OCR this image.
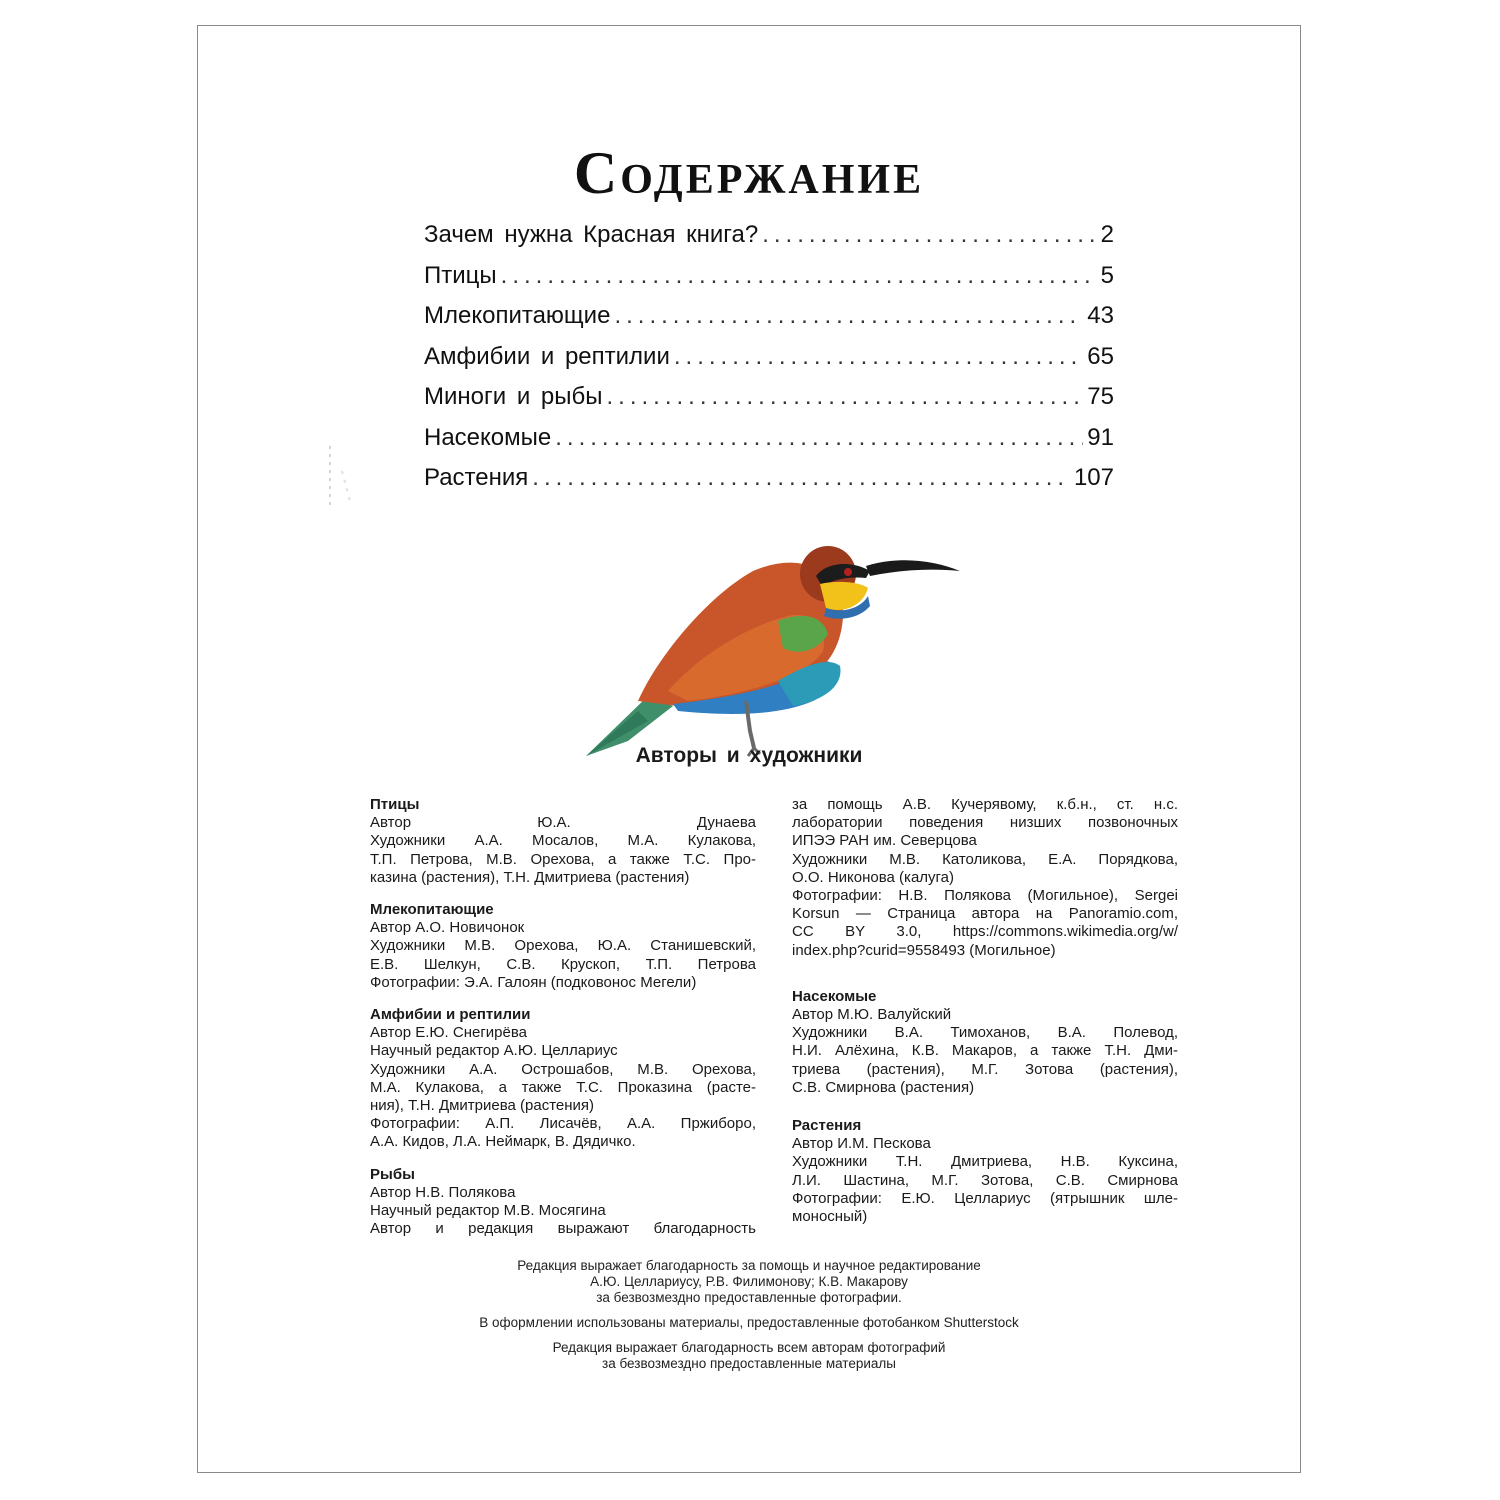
Содержание
Зачем нужна Красная книга? .....	2
Птицы .....	5
Млекопитающие .....	43
Амфибии и рептилии .....	65
Миноги и рыбы .....	75
Насекомые .....	91
Растения .....	107
Авторы и художники
Птицы
Автор Ю.А. Дунаева
Художники А.А. Мосалов, М.А. Кулакова,
Т.П. Петрова, М.В. Орехова, а также Т.С. Про-
казина (растения), Т.Н. Дмитриева (растения)
Млекопитающие
Автор А.О. Новичонок
Художники М.В. Орехова, Ю.А. Станишевский,
Е.В. Шелкун, С.В. Крускоп, Т.П. Петрова
Фотографии: Э.А. Галоян (подковонос Мегели)
Амфибии и рептилии
Автор Е.Ю. Снегирёва
Научный редактор А.Ю. Целлариус
Художники А.А. Острошабов, М.В. Орехова,
М.А. Кулакова, а также Т.С. Проказина (расте-
ния), Т.Н. Дмитриева (растения)
Фотографии: А.П. Лисачёв, А.А. Пржиборо,
А.А. Кидов, Л.А. Неймарк, В. Дядичко.
Рыбы
Автор Н.В. Полякова
Научный редактор М.В. Мосягина
Автор и редакция выражают благодарность
за помощь А.В. Кучерявому, к.б.н., ст. н.с.
лаборатории поведения низших позвоночных
ИПЭЭ РАН им. Северцова
Художники М.В. Католикова, Е.А. Порядкова,
О.О. Никонова (калуга)
Фотографии: Н.В. Полякова (Могильное), Sergei
Korsun — Страница автора на Panoramio.com,
CC BY 3.0, https://commons.wikimedia.org/w/
index.php?curid=9558493 (Могильное)
Насекомые
Автор М.Ю. Валуйский
Художники В.А. Тимоханов, В.А. Полевод,
Н.И. Алёхина, К.В. Макаров, а также Т.Н. Дми-
триева (растения), М.Г. Зотова (растения),
С.В. Смирнова (растения)
Растения
Автор И.М. Пескова
Художники Т.Н. Дмитриева, Н.В. Куксина,
Л.И. Шастина, М.Г. Зотова, С.В. Смирнова
Фотографии: Е.Ю. Целлариус (ятрышник шле-
моносный)

Редакция выражает благодарность за помощь и научное редактирование
А.Ю. Целлариусу, Р.В. Филимонову; К.В. Макарову
за безвозмездно предоставленные фотографии.

В оформлении использованы материалы, предоставленные фотобанком Shutterstock

Редакция выражает благодарность всем авторам фотографий
за безвозмездно предоставленные материалы
